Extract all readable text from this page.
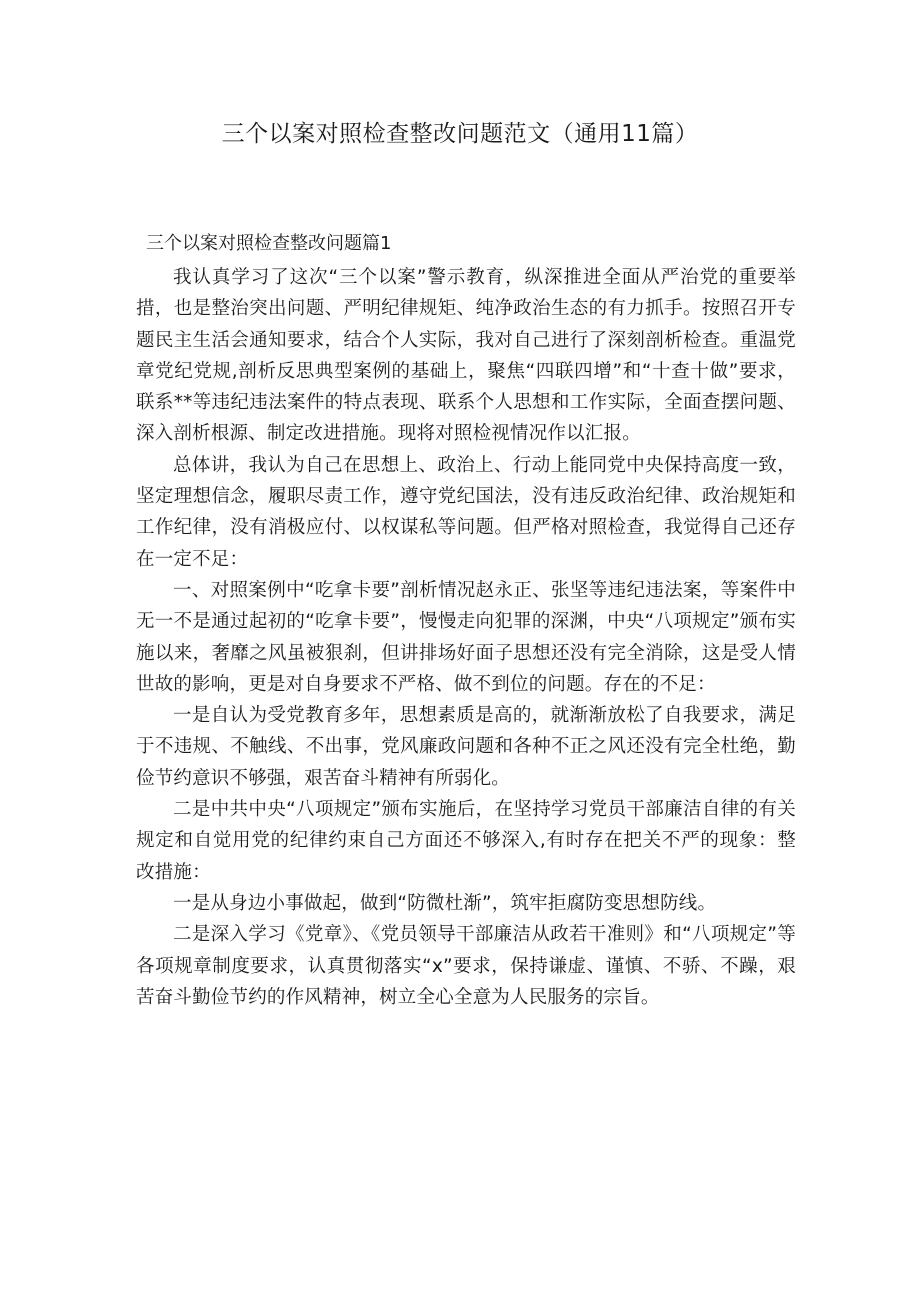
三个以案对照检查整改问题范文（通用11篇）
三个以案对照检查整改问题篇1

我认真学习了这次“三个以案”警示教育，纵深推进全面从严治党的重要举措，也是整治突出问题、严明纪律规矩、纯净政治生态的有力抓手。按照召开专题民主生活会通知要求，结合个人实际，我对自己进行了深刻剖析检查。重温党章党纪党规,剖析反思典型案例的基础上，聚焦“四联四增”和“十查十做”要求，联系**等违纪违法案件的特点表现、联系个人思想和工作实际，全面查摆问题、深入剖析根源、制定改进措施。现将对照检视情况作以汇报。

总体讲，我认为自己在思想上、政治上、行动上能同党中央保持高度一致，坚定理想信念，履职尽责工作，遵守党纪国法，没有违反政治纪律、政治规矩和工作纪律，没有消极应付、以权谋私等问题。但严格对照检查，我觉得自己还存在一定不足：

一、对照案例中“吃拿卡要”剖析情况赵永正、张坚等违纪违法案，等案件中无一不是通过起初的“吃拿卡要”，慢慢走向犯罪的深渊，中央“八项规定”颁布实施以来，奢靡之风虽被狠刹，但讲排场好面子思想还没有完全消除，这是受人情世故的影响，更是对自身要求不严格、做不到位的问题。存在的不足：

一是自认为受党教育多年，思想素质是高的，就渐渐放松了自我要求，满足于不违规、不触线、不出事，党风廉政问题和各种不正之风还没有完全杜绝，勤俭节约意识不够强，艰苦奋斗精神有所弱化。

二是中共中央“八项规定”颁布实施后，在坚持学习党员干部廉洁自律的有关规定和自觉用党的纪律约束自己方面还不够深入,有时存在把关不严的现象：整改措施：

一是从身边小事做起，做到“防微杜渐”，筑牢拒腐防变思想防线。

二是深入学习《党章》、《党员领导干部廉洁从政若干准则》和“八项规定”等各项规章制度要求，认真贯彻落实“x”要求，保持谦虚、谨慎、不骄、不躁，艰苦奋斗勤俭节约的作风精神，树立全心全意为人民服务的宗旨。
